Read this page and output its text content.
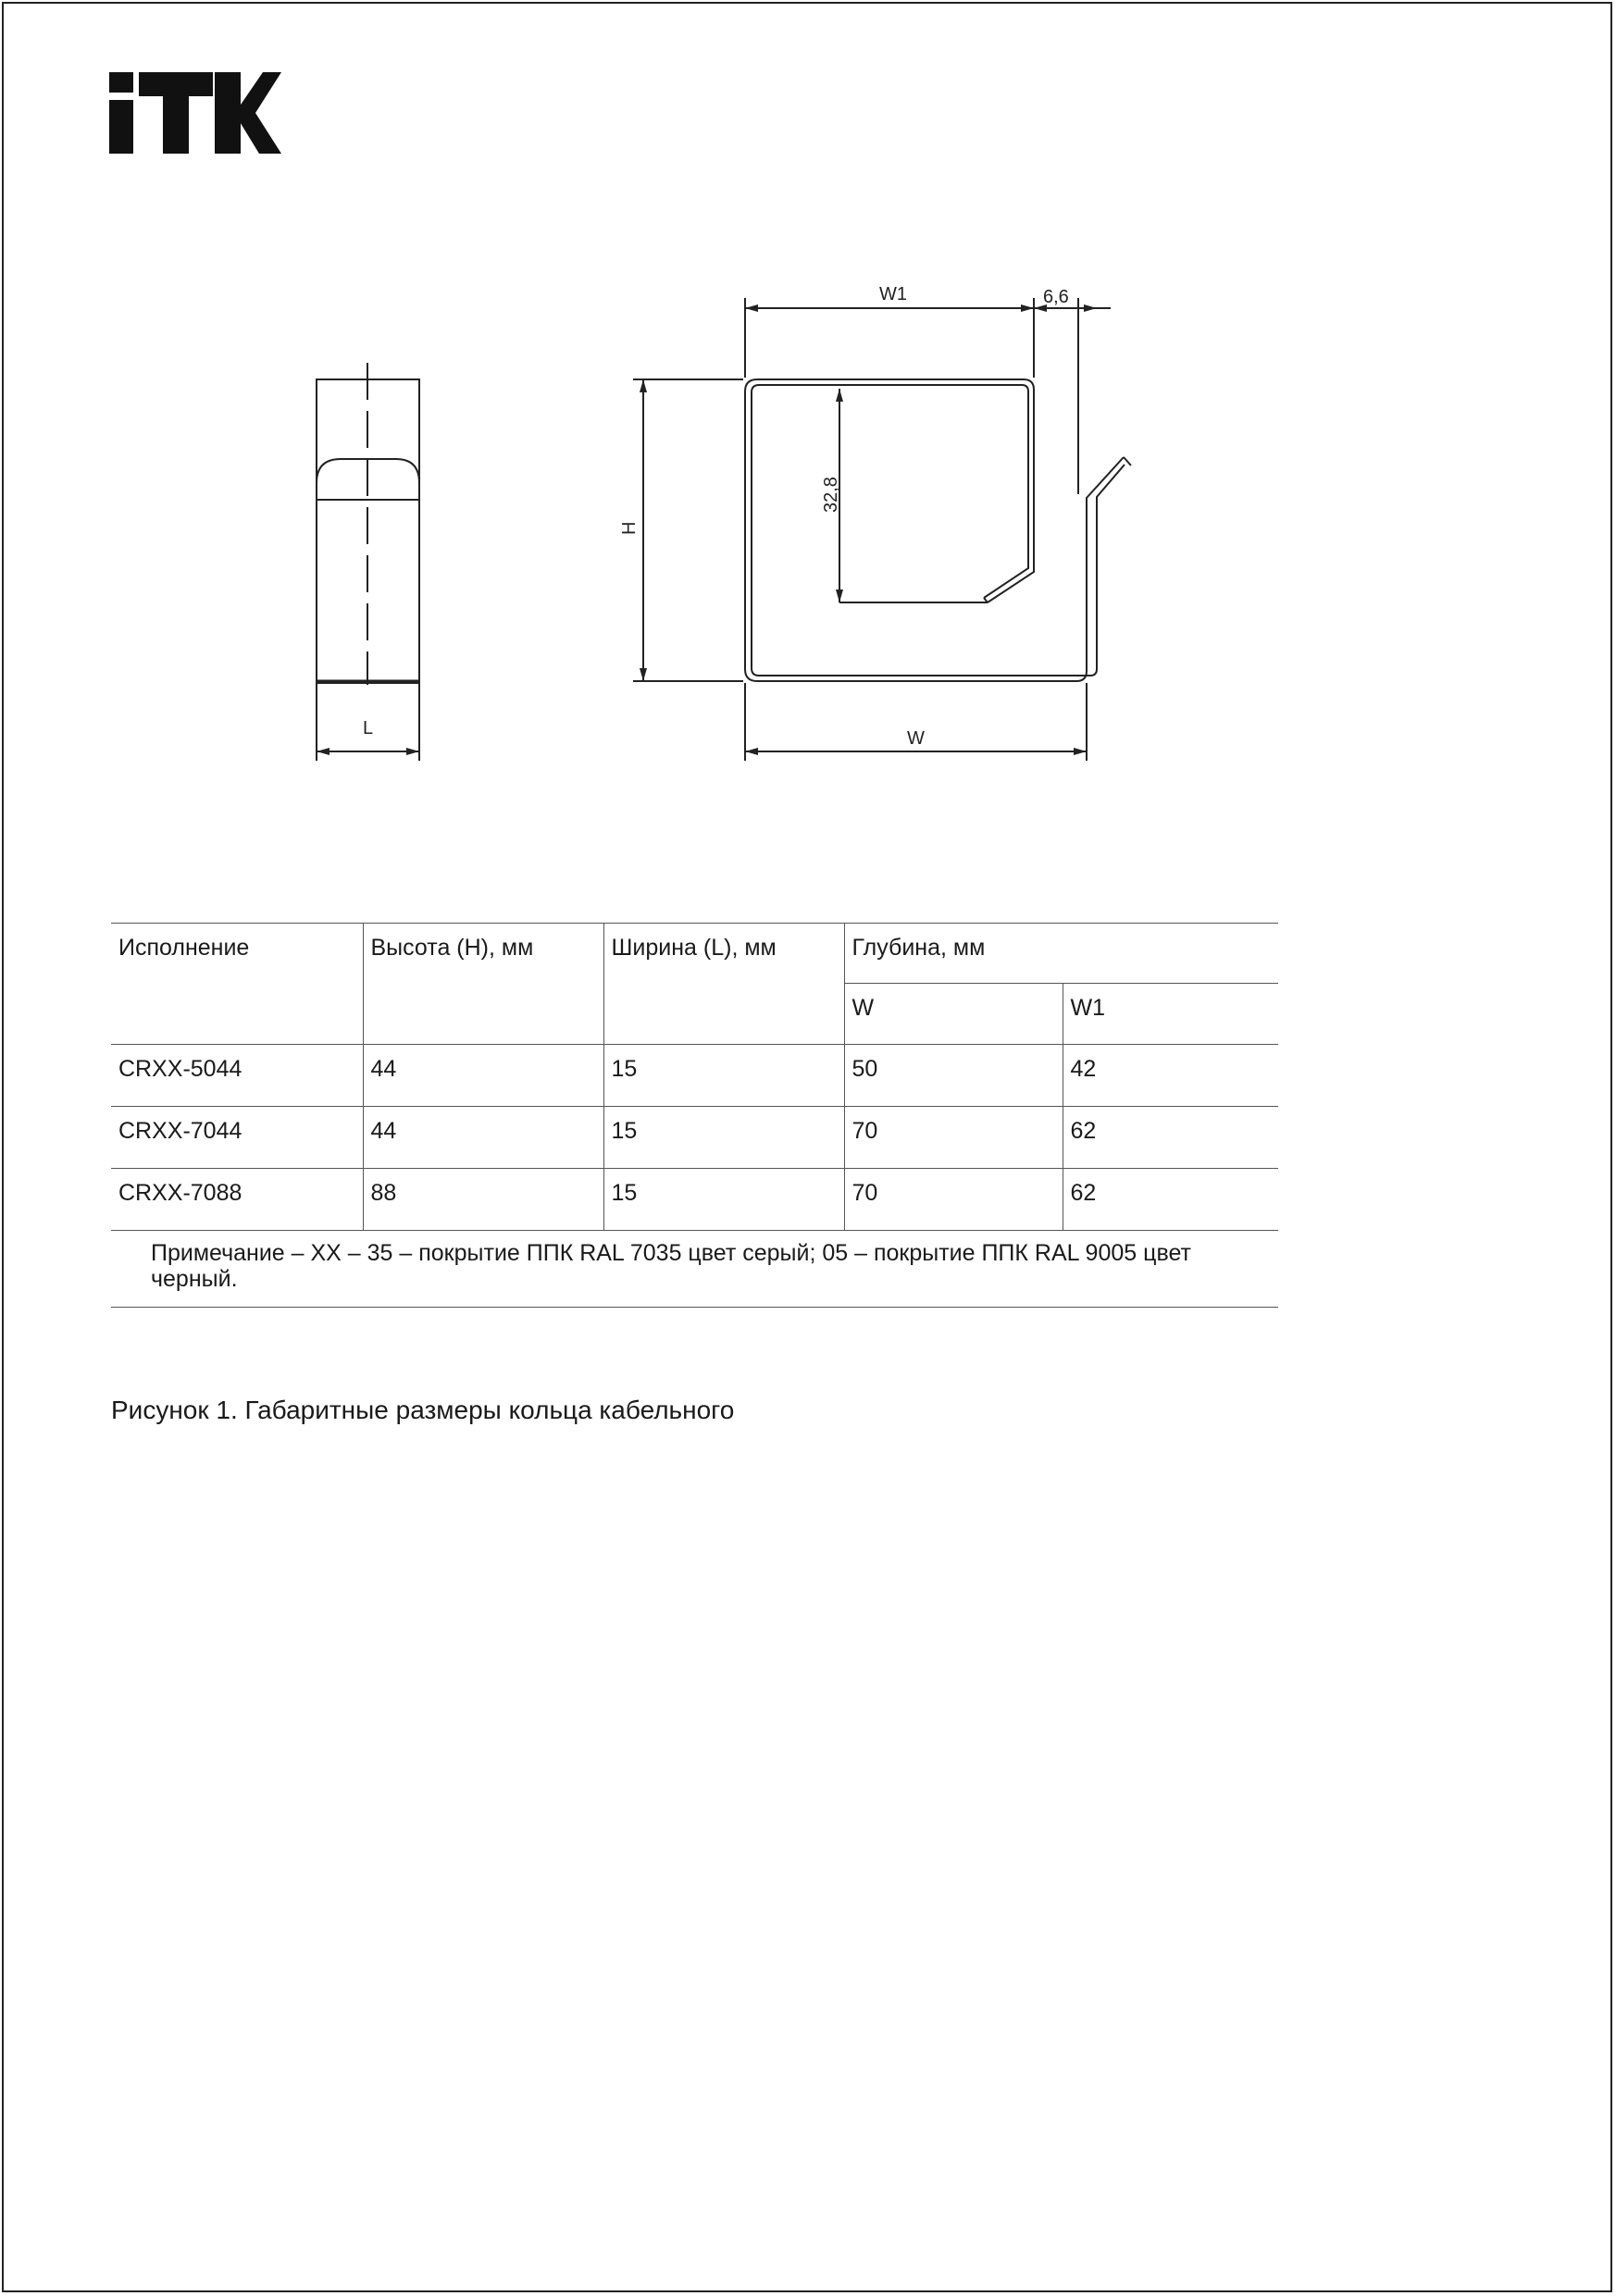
W1	6,6
H
32,8
L	W
Исполнение	Высота (H), мм	Ширина (L), мм	Глубина, мм	
			W	W1
CRXX-5044	44	15	50	42
CRXX-7044	44	15	70	62
CRXX-7088	88	15	70	62
Примечание – XX – 35 – покрытие ППК RAL 7035 цвет серый; 05 – покрытие ППК RAL 9005 цвет черный.				
Рисунок 1. Габаритные размеры кольца кабельного
